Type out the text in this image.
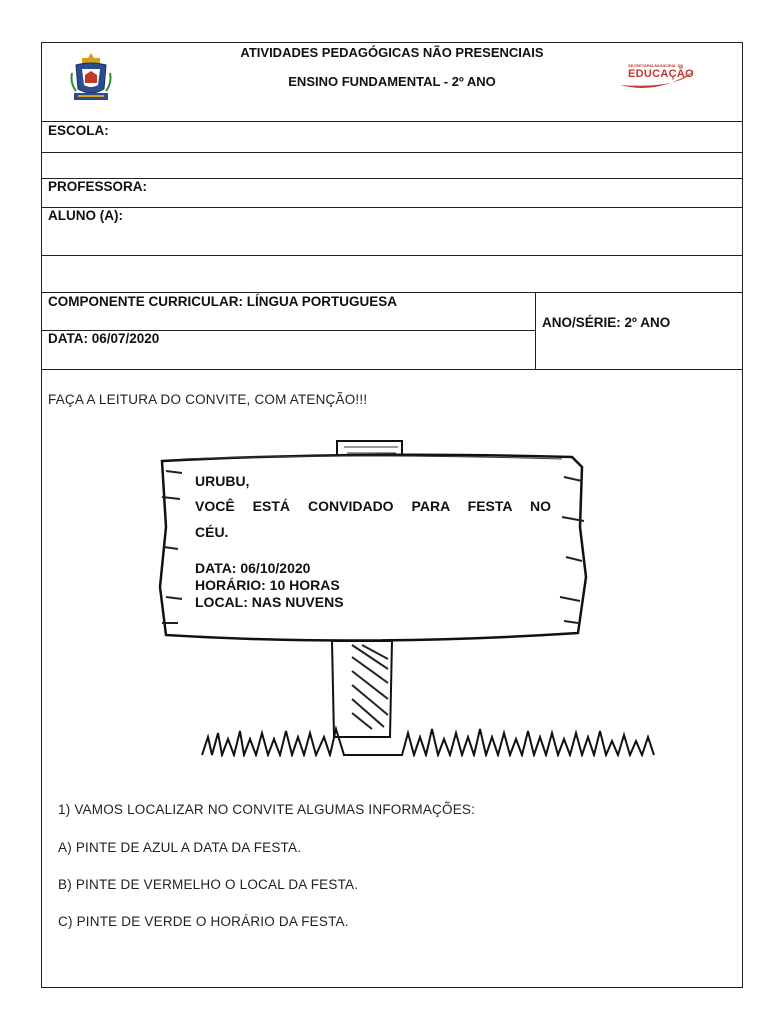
ATIVIDADES PEDAGÓGICAS NÃO PRESENCIAIS
ENSINO FUNDAMENTAL - 2º ANO
SECRETARIA MUNICIPAL DE
EDUCAÇÃO
ESCOLA:
PROFESSORA:
ALUNO (A):
COMPONENTE CURRICULAR: LÍNGUA PORTUGUESA
DATA: 06/07/2020
ANO/SÉRIE: 2º ANO
FAÇA A LEITURA DO CONVITE, COM ATENÇÃO!!!
URUBU,
VOCÊ ESTÁ CONVIDADO PARA FESTA NO
CÉU.
DATA: 06/10/2020
HORÁRIO: 10 HORAS
LOCAL: NAS NUVENS
1) VAMOS LOCALIZAR NO CONVITE ALGUMAS INFORMAÇÕES:
A) PINTE DE AZUL A DATA DA FESTA.
B) PINTE DE VERMELHO O LOCAL DA FESTA.
C) PINTE DE VERDE O HORÁRIO DA FESTA.
